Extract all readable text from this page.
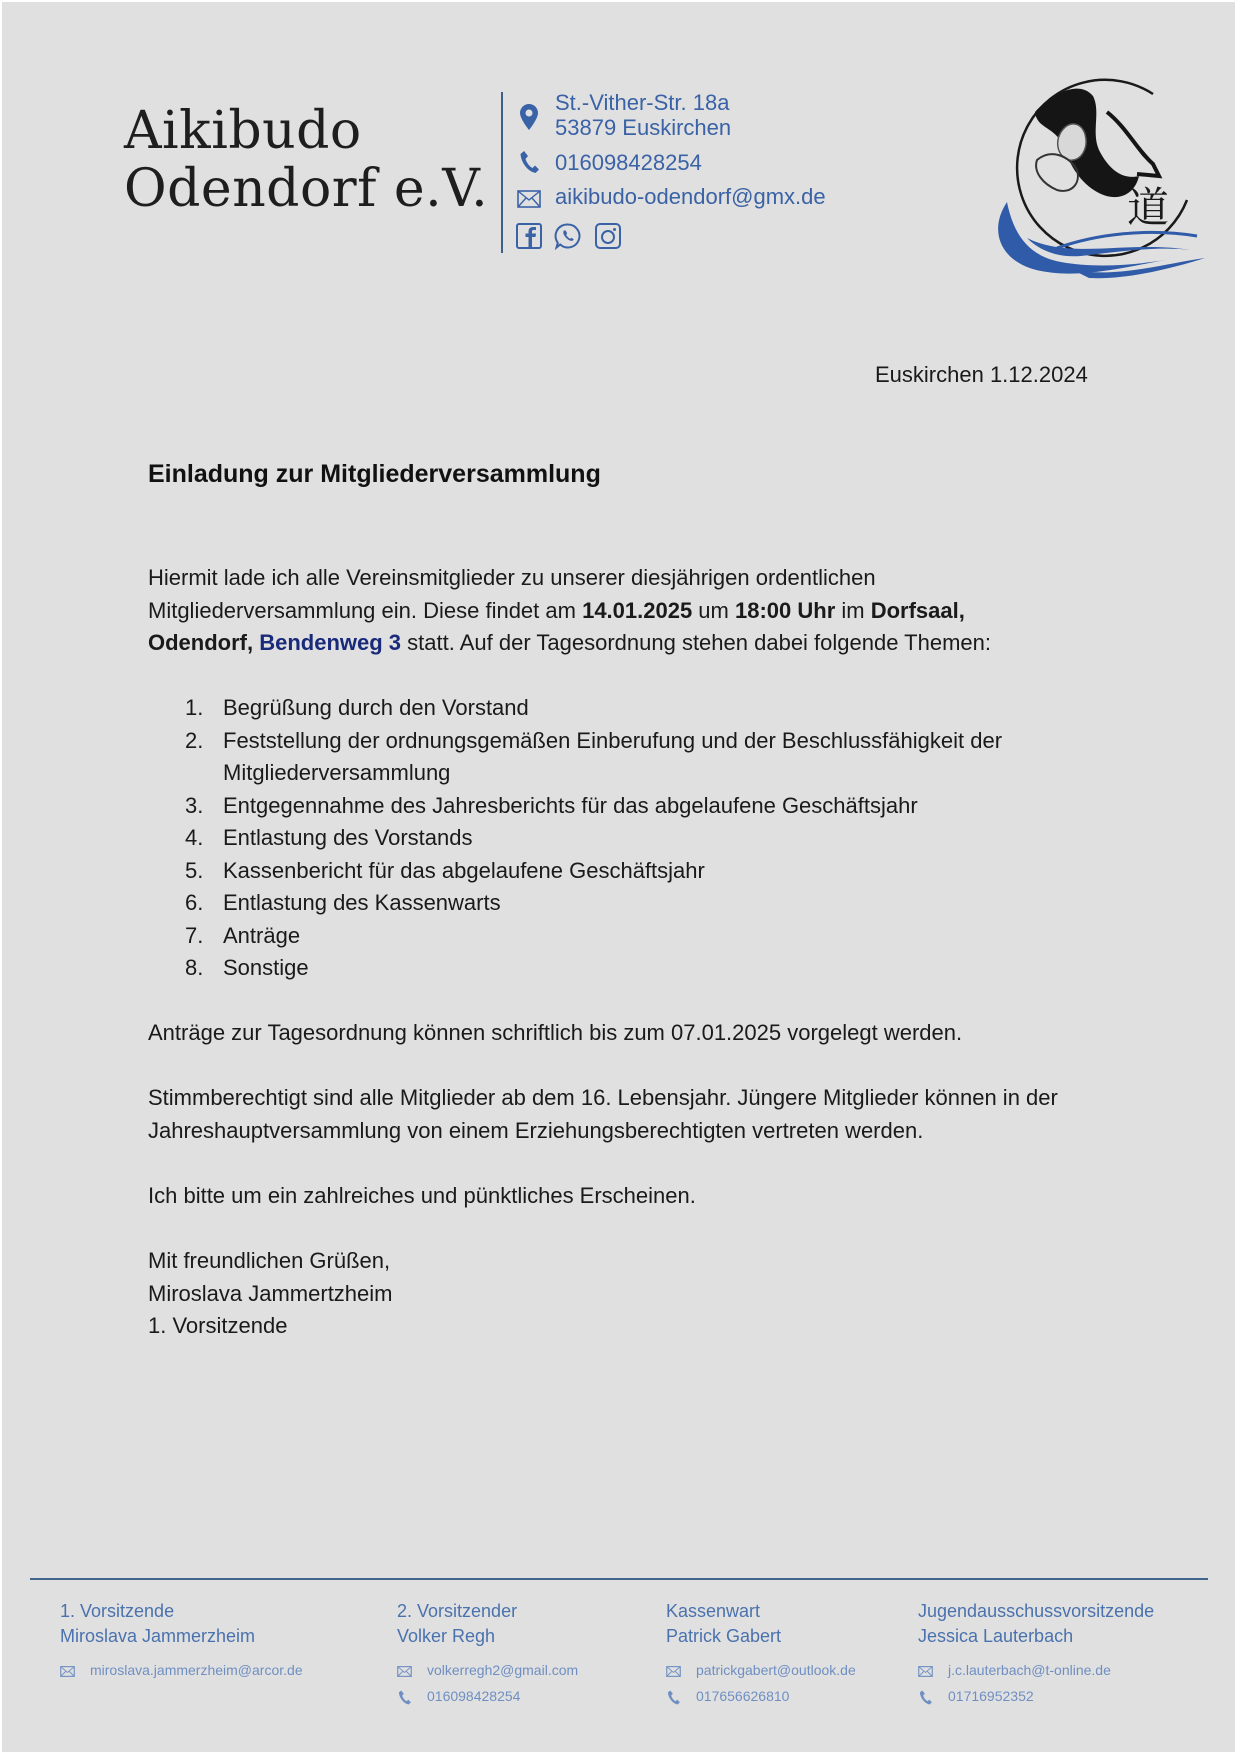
Aikibudo
Odendorf e.V.
St.-Vither-Str. 18a
53879 Euskirchen
016098428254
aikibudo-odendorf@gmx.de	道
Euskirchen 1.12.2024
Einladung zur Mitgliederversammlung
Hiermit lade ich alle Vereinsmitglieder zu unserer diesjährigen ordentlichen Mitgliederversammlung ein. Diese findet am 14.01.2025 um 18:00 Uhr im Dorfsaal, Odendorf, Bendenweg 3 statt. Auf der Tagesordnung stehen dabei folgende Themen:
1. Begrüßung durch den Vorstand
2. Feststellung der ordnungsgemäßen Einberufung und der Beschlussfähigkeit der Mitgliederversammlung
3. Entgegennahme des Jahresberichts für das abgelaufene Geschäftsjahr
4. Entlastung des Vorstands
5. Kassenbericht für das abgelaufene Geschäftsjahr
6. Entlastung des Kassenwarts
7. Anträge
8. Sonstige
Anträge zur Tagesordnung können schriftlich bis zum 07.01.2025 vorgelegt werden.
Stimmberechtigt sind alle Mitglieder ab dem 16. Lebensjahr. Jüngere Mitglieder können in der Jahreshauptversammlung von einem Erziehungsberechtigten vertreten werden.
Ich bitte um ein zahlreiches und pünktliches Erscheinen.
Mit freundlichen Grüßen,
Miroslava Jammertzheim
1. Vorsitzende
1. Vorsitzende
Miroslava Jammerzheim
miroslava.jammerzheim@arcor.de
2. Vorsitzender
Volker Regh
volkerregh2@gmail.com
016098428254
Kassenwart
Patrick Gabert
patrickgabert@outlook.de
017656626810
Jugendausschussvorsitzende
Jessica Lauterbach
j.c.lauterbach@t-online.de
01716952352
